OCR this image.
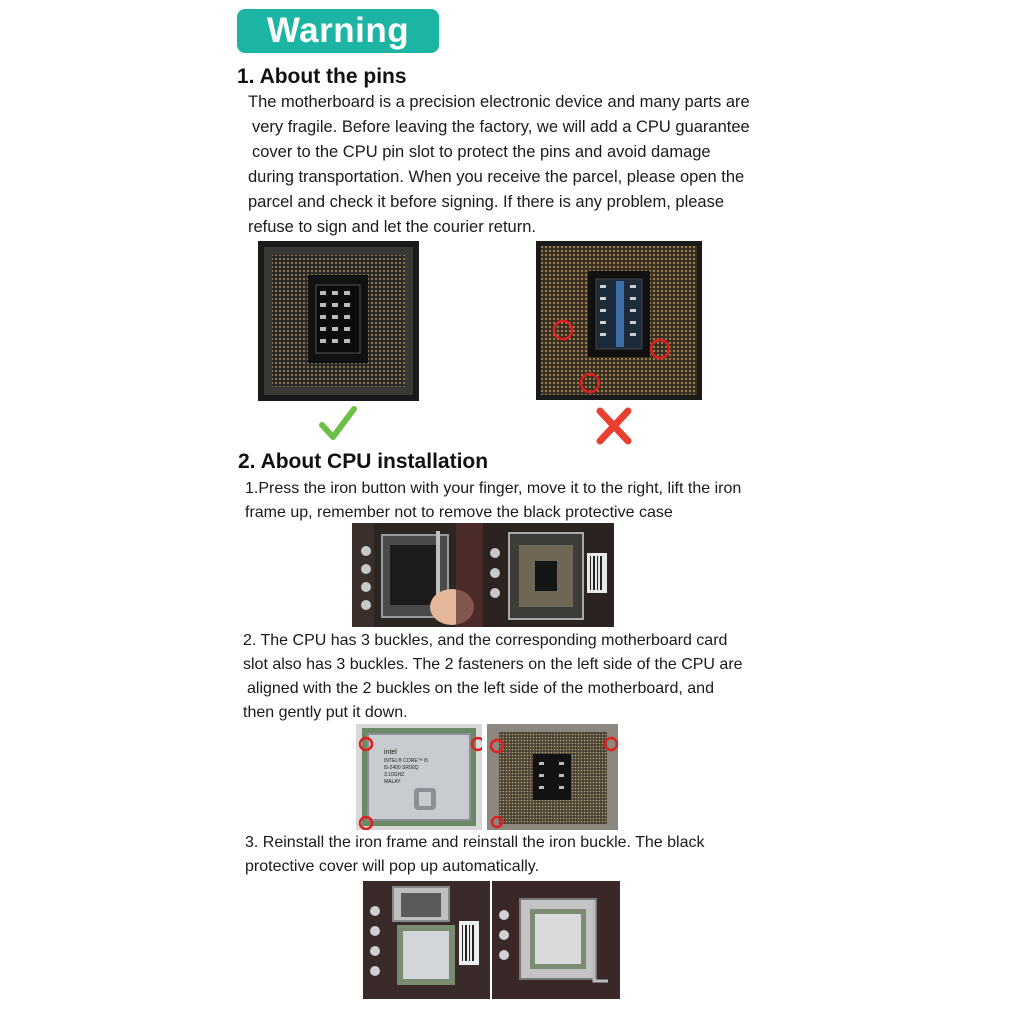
Warning
1. About the pins
The motherboard is a precision electronic device and many parts are
very fragile. Before leaving the factory, we will add a CPU guarantee
cover to the CPU pin slot to protect the pins and avoid damage
during transportation. When you receive the parcel, please open the
parcel and check it before signing. If there is any problem, please
refuse to sign and let the courier return.
2. About CPU installation
1.Press the iron button with your finger, move it to the right, lift the iron
frame up, remember not to remove the black protective case
2. The CPU has 3 buckles, and the corresponding motherboard card
slot also has 3 buckles. The 2 fasteners on the left side of the CPU are
aligned with the 2 buckles on the left side of the motherboard, and
then gently put it down.
intel
INTEL® CORE™ i5
i5-2400 SR00Q
3.10GHZ
MALAY
3. Reinstall the iron frame and reinstall the iron buckle. The black
protective cover will pop up automatically.
